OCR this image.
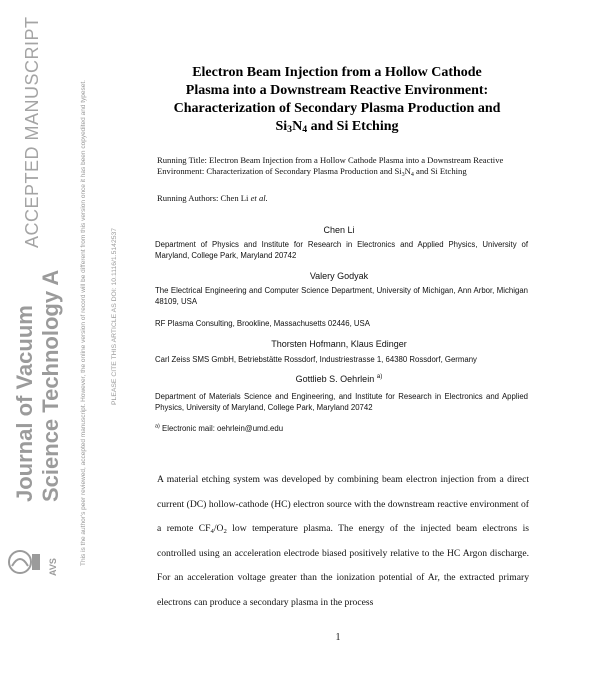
ACCEPTED MANUSCRIPT
Journal of Vacuum Science Technology A	This is the author's peer reviewed, accepted manuscript. However, the online version of record will be different from this version once it has been copyedited and typeset.	PLEASE CITE THIS ARTICLE AS DOI: 10.1116/1.5142537
AVS
Electron Beam Injection from a Hollow Cathode
Plasma into a Downstream Reactive Environment:
Characterization of Secondary Plasma Production and
$Si_3N_4$ and Si Etching
Running Title: Electron Beam Injection from a Hollow Cathode Plasma into a Downstream Reactive Environment: Characterization of Secondary Plasma Production and $Si_3N_4$ and Si Etching
Running Authors: Chen Li et al.
Chen Li
Department of Physics and Institute for Research in Electronics and Applied Physics, University of Maryland, College Park, Maryland 20742
Valery Godyak
The Electrical Engineering and Computer Science Department, University of Michigan, Ann Arbor, Michigan 48109, USA
RF Plasma Consulting, Brookline, Massachusetts 02446, USA
Thorsten Hofmann, Klaus Edinger
Carl Zeiss SMS GmbH, Betriebstätte Rossdorf, Industriestrasse 1, 64380 Rossdorf, Germany
Gottlieb S. Oehrlein $^{a)}$
Department of Materials Science and Engineering, and Institute for Research in Electronics and Applied Physics, University of Maryland, College Park, Maryland 20742
$^{a)}$ Electronic mail: oehrlein@umd.edu
A material etching system was developed by combining beam electron injection from a direct current (DC) hollow-cathode (HC) electron source with the downstream reactive environment of a remote $CF_4/O_2$ low temperature plasma. The energy of the injected beam electrons is controlled using an acceleration electrode biased positively relative to the HC Argon discharge. For an acceleration voltage greater than the ionization potential of Ar, the extracted primary electrons can produce a secondary plasma in the process
1
